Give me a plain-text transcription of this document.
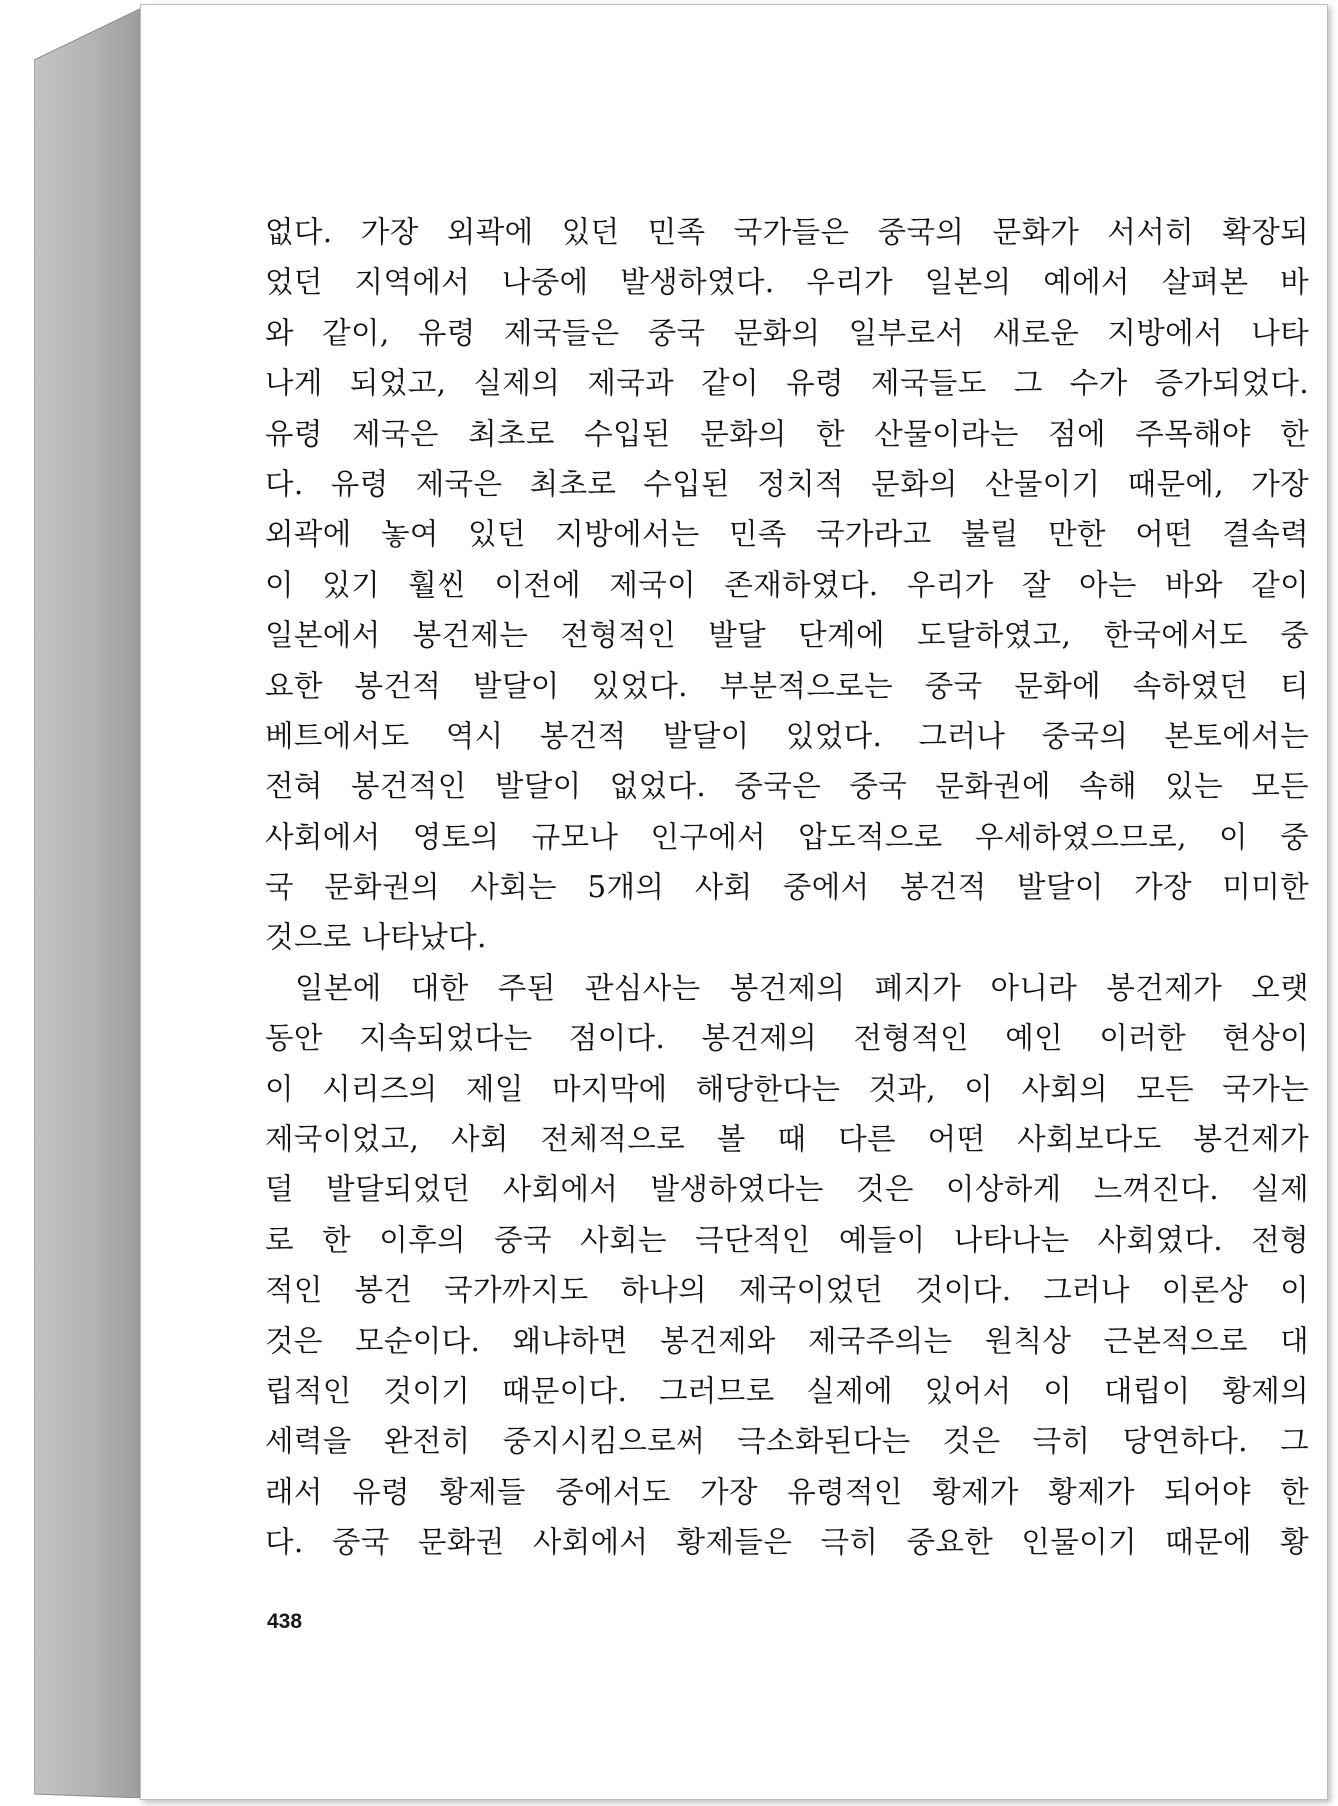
없다. 가장 외곽에 있던 민족 국가들은 중국의 문화가 서서히 확장되
었던 지역에서 나중에 발생하였다. 우리가 일본의 예에서 살펴본 바
와 같이, 유령 제국들은 중국 문화의 일부로서 새로운 지방에서 나타
나게 되었고, 실제의 제국과 같이 유령 제국들도 그 수가 증가되었다.
유령 제국은 최초로 수입된 문화의 한 산물이라는 점에 주목해야 한
다. 유령 제국은 최초로 수입된 정치적 문화의 산물이기 때문에, 가장
외곽에 놓여 있던 지방에서는 민족 국가라고 불릴 만한 어떤 결속력
이 있기 훨씬 이전에 제국이 존재하였다. 우리가 잘 아는 바와 같이
일본에서 봉건제는 전형적인 발달 단계에 도달하였고, 한국에서도 중
요한 봉건적 발달이 있었다. 부분적으로는 중국 문화에 속하였던 티
베트에서도 역시 봉건적 발달이 있었다. 그러나 중국의 본토에서는
전혀 봉건적인 발달이 없었다. 중국은 중국 문화권에 속해 있는 모든
사회에서 영토의 규모나 인구에서 압도적으로 우세하였으므로, 이 중
국 문화권의 사회는 5개의 사회 중에서 봉건적 발달이 가장 미미한
것으로 나타났다.
일본에 대한 주된 관심사는 봉건제의 폐지가 아니라 봉건제가 오랫
동안 지속되었다는 점이다. 봉건제의 전형적인 예인 이러한 현상이
이 시리즈의 제일 마지막에 해당한다는 것과, 이 사회의 모든 국가는
제국이었고, 사회 전체적으로 볼 때 다른 어떤 사회보다도 봉건제가
덜 발달되었던 사회에서 발생하였다는 것은 이상하게 느껴진다. 실제
로 한 이후의 중국 사회는 극단적인 예들이 나타나는 사회였다. 전형
적인 봉건 국가까지도 하나의 제국이었던 것이다. 그러나 이론상 이
것은 모순이다. 왜냐하면 봉건제와 제국주의는 원칙상 근본적으로 대
립적인 것이기 때문이다. 그러므로 실제에 있어서 이 대립이 황제의
세력을 완전히 중지시킴으로써 극소화된다는 것은 극히 당연하다. 그
래서 유령 황제들 중에서도 가장 유령적인 황제가 황제가 되어야 한
다. 중국 문화권 사회에서 황제들은 극히 중요한 인물이기 때문에 황
438
